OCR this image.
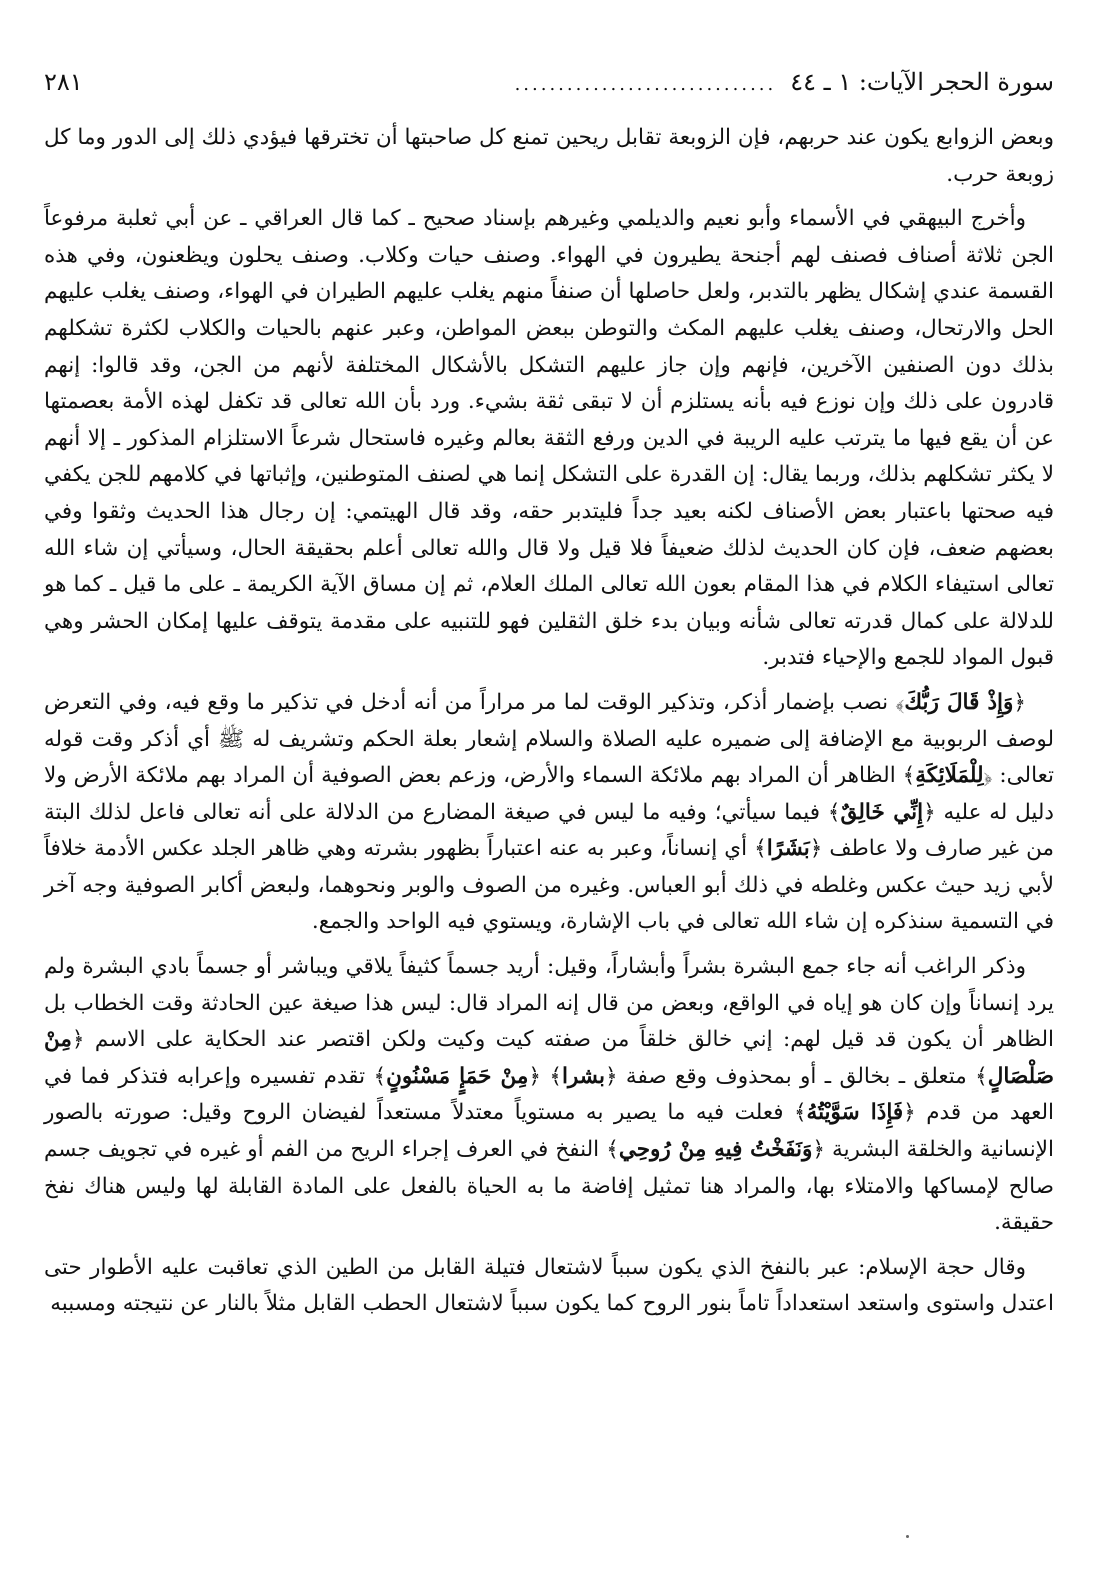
سورة الحجر الآيات: ١ ـ ٤٤
..............................
٢٨١

وبعض الزوابع يكون عند حربهم، فإن الزوبعة تقابل ريحين تمنع كل صاحبتها أن تخترقها فيؤدي ذلك إلى الدور وما كل زوبعة حرب.

وأخرج البيهقي في الأسماء وأبو نعيم والديلمي وغيرهم بإسناد صحيح ـ كما قال العراقي ـ عن أبي ثعلبة مرفوعاً الجن ثلاثة أصناف فصنف لهم أجنحة يطيرون في الهواء. وصنف حيات وكلاب. وصنف يحلون ويظعنون، وفي هذه القسمة عندي إشكال يظهر بالتدبر، ولعل حاصلها أن صنفاً منهم يغلب عليهم الطيران في الهواء، وصنف يغلب عليهم الحل والارتحال، وصنف يغلب عليهم المكث والتوطن ببعض المواطن، وعبر عنهم بالحيات والكلاب لكثرة تشكلهم بذلك دون الصنفين الآخرين، فإنهم وإن جاز عليهم التشكل بالأشكال المختلفة لأنهم من الجن، وقد قالوا: إنهم قادرون على ذلك وإن نوزع فيه بأنه يستلزم أن لا تبقى ثقة بشيء. ورد بأن الله تعالى قد تكفل لهذه الأمة بعصمتها عن أن يقع فيها ما يترتب عليه الريبة في الدين ورفع الثقة بعالم وغيره فاستحال شرعاً الاستلزام المذكور ـ إلا أنهم لا يكثر تشكلهم بذلك، وربما يقال: إن القدرة على التشكل إنما هي لصنف المتوطنين، وإثباتها في كلامهم للجن يكفي فيه صحتها باعتبار بعض الأصناف لكنه بعيد جداً فليتدبر حقه، وقد قال الهيتمي: إن رجال هذا الحديث وثقوا وفي بعضهم ضعف، فإن كان الحديث لذلك ضعيفاً فلا قيل ولا قال والله تعالى أعلم بحقيقة الحال، وسيأتي إن شاء الله تعالى استيفاء الكلام في هذا المقام بعون الله تعالى الملك العلام، ثم إن مساق الآية الكريمة ـ على ما قيل ـ كما هو للدلالة على كمال قدرته تعالى شأنه وبيان بدء خلق الثقلين فهو للتنبيه على مقدمة يتوقف عليها إمكان الحشر وهي قبول المواد للجمع والإحياء فتدبر.

﴿ وَإِذْ قَالَ رَبُّكَ ﴾ نصب بإضمار أذكر، وتذكير الوقت لما مر مراراً من أنه أدخل في تذكير ما وقع فيه، وفي التعرض لوصف الربوبية مع الإضافة إلى ضميره عليه الصلاة والسلام إشعار بعلة الحكم وتشريف له ﷺ أي أذكر وقت قوله تعالى: ﴿ لِلْمَلَائِكَةِ ﴾ الظاهر أن المراد بهم ملائكة السماء والأرض، وزعم بعض الصوفية أن المراد بهم ملائكة الأرض ولا دليل له عليه ﴿ إِنِّي خَالِقٌ ﴾ فيما سيأتي؛ وفيه ما ليس في صيغة المضارع من الدلالة على أنه تعالى فاعل لذلك البتة من غير صارف ولا عاطف ﴿ بَشَرًا ﴾ أي إنساناً، وعبر به عنه اعتباراً بظهور بشرته وهي ظاهر الجلد عكس الأدمة خلافاً لأبي زيد حيث عكس وغلطه في ذلك أبو العباس. وغيره من الصوف والوبر ونحوهما، ولبعض أكابر الصوفية وجه آخر في التسمية سنذكره إن شاء الله تعالى في باب الإشارة، ويستوي فيه الواحد والجمع.

وذكر الراغب أنه جاء جمع البشرة بشراً وأبشاراً، وقيل: أريد جسماً كثيفاً يلاقي ويباشر أو جسماً بادي البشرة ولم يرد إنساناً وإن كان هو إياه في الواقع، وبعض من قال إنه المراد قال: ليس هذا صيغة عين الحادثة وقت الخطاب بل الظاهر أن يكون قد قيل لهم: إني خالق خلقاً من صفته كيت وكيت ولكن اقتصر عند الحكاية على الاسم ﴿ مِنْ صَلْصَالٍ ﴾ متعلق ـ بخالق ـ أو بمحذوف وقع صفة ﴿ بشرا ﴾ ﴿ مِنْ حَمَإٍ مَسْنُونٍ ﴾ تقدم تفسيره وإعرابه فتذكر فما في العهد من قدم ﴿ فَإِذَا سَوَّيْتُهُ ﴾ فعلت فيه ما يصير به مستوياً معتدلاً مستعداً لفيضان الروح وقيل: صورته بالصور الإنسانية والخلقة البشرية ﴿ وَنَفَخْتُ فِيهِ مِنْ رُوحِي ﴾ النفخ في العرف إجراء الريح من الفم أو غيره في تجويف جسم صالح لإمساكها والامتلاء بها، والمراد هنا تمثيل إفاضة ما به الحياة بالفعل على المادة القابلة لها وليس هناك نفخ حقيقة.

وقال حجة الإسلام: عبر بالنفخ الذي يكون سبباً لاشتعال فتيلة القابل من الطين الذي تعاقبت عليه الأطوار حتى اعتدل واستوى واستعد استعداداً تاماً بنور الروح كما يكون سبباً لاشتعال الحطب القابل مثلاً بالنار عن نتيجته ومسببه
